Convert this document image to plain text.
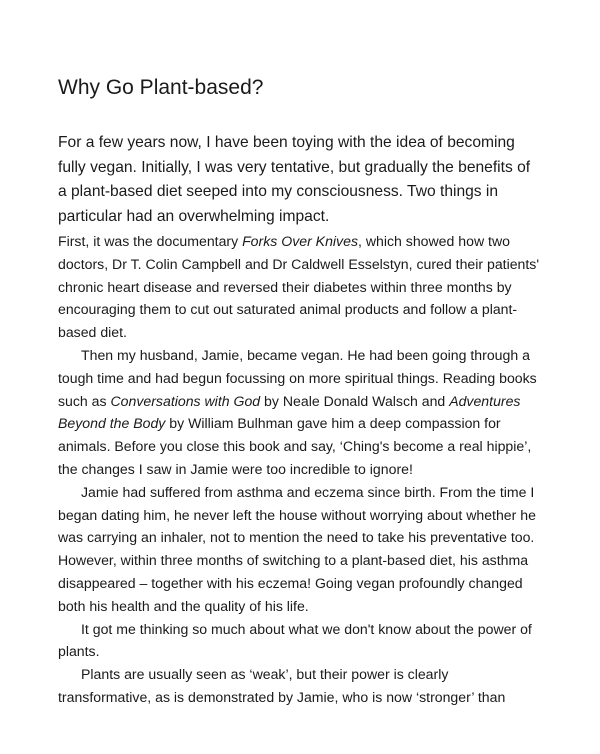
Why Go Plant-based?

For a few years now, I have been toying with the idea of becoming fully vegan. Initially, I was very tentative, but gradually the benefits of a plant-based diet seeped into my consciousness. Two things in particular had an overwhelming impact.

First, it was the documentary Forks Over Knives, which showed how two doctors, Dr T. Colin Campbell and Dr Caldwell Esselstyn, cured their patients' chronic heart disease and reversed their diabetes within three months by encouraging them to cut out saturated animal products and follow a plant-based diet.

Then my husband, Jamie, became vegan. He had been going through a tough time and had begun focussing on more spiritual things. Reading books such as Conversations with God by Neale Donald Walsch and Adventures Beyond the Body by William Bulhman gave him a deep compassion for animals. Before you close this book and say, ‘Ching's become a real hippie’, the changes I saw in Jamie were too incredible to ignore!

Jamie had suffered from asthma and eczema since birth. From the time I began dating him, he never left the house without worrying about whether he was carrying an inhaler, not to mention the need to take his preventative too. However, within three months of switching to a plant-based diet, his asthma disappeared – together with his eczema! Going vegan profoundly changed both his health and the quality of his life.

It got me thinking so much about what we don't know about the power of plants.

Plants are usually seen as ‘weak’, but their power is clearly transformative, as is demonstrated by Jamie, who is now ‘stronger’ than
